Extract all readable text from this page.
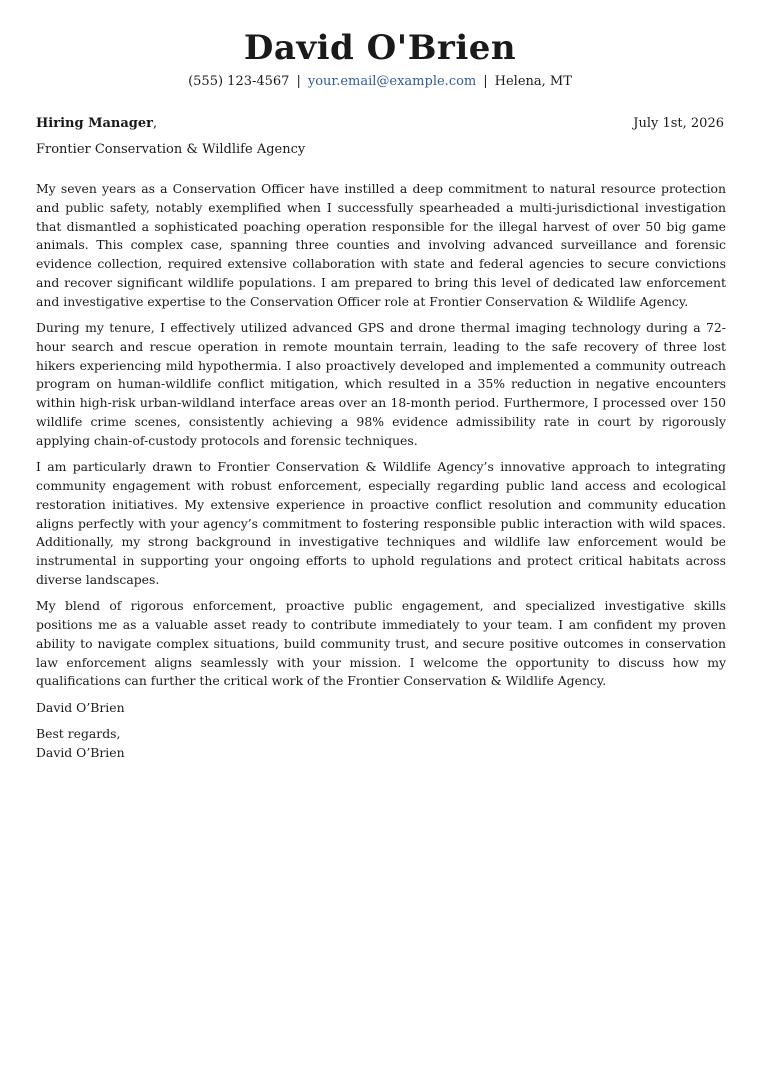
David O'Brien
(555) 123-4567 | your.email@example.com | Helena, MT
Hiring Manager,	July 1st, 2026
Frontier Conservation & Wildlife Agency

My seven years as a Conservation Officer have instilled a deep commitment to natural resource protection and public safety, notably exemplified when I successfully spearheaded a multi-jurisdictional investigation that dismantled a sophisticated poaching operation responsible for the illegal harvest of over 50 big game animals. This complex case, spanning three counties and involving advanced surveillance and forensic evidence collection, required extensive collaboration with state and federal agencies to secure convictions and recover significant wildlife populations. I am prepared to bring this level of dedicated law enforcement and investigative expertise to the Conservation Officer role at Frontier Conservation & Wildlife Agency.

During my tenure, I effectively utilized advanced GPS and drone thermal imaging technology during a 72-hour search and rescue operation in remote mountain terrain, leading to the safe recovery of three lost hikers experiencing mild hypothermia. I also proactively developed and implemented a community outreach program on human-wildlife conflict mitigation, which resulted in a 35% reduction in negative encounters within high-risk urban-wildland interface areas over an 18-month period. Furthermore, I processed over 150 wildlife crime scenes, consistently achieving a 98% evidence admissibility rate in court by rigorously applying chain-of-custody protocols and forensic techniques.

I am particularly drawn to Frontier Conservation & Wildlife Agency’s innovative approach to integrating community engagement with robust enforcement, especially regarding public land access and ecological restoration initiatives. My extensive experience in proactive conflict resolution and community education aligns perfectly with your agency’s commitment to fostering responsible public interaction with wild spaces. Additionally, my strong background in investigative techniques and wildlife law enforcement would be instrumental in supporting your ongoing efforts to uphold regulations and protect critical habitats across diverse landscapes.

My blend of rigorous enforcement, proactive public engagement, and specialized investigative skills positions me as a valuable asset ready to contribute immediately to your team. I am confident my proven ability to navigate complex situations, build community trust, and secure positive outcomes in conservation law enforcement aligns seamlessly with your mission. I welcome the opportunity to discuss how my qualifications can further the critical work of the Frontier Conservation & Wildlife Agency.

David O’Brien
Best regards,
David O’Brien
